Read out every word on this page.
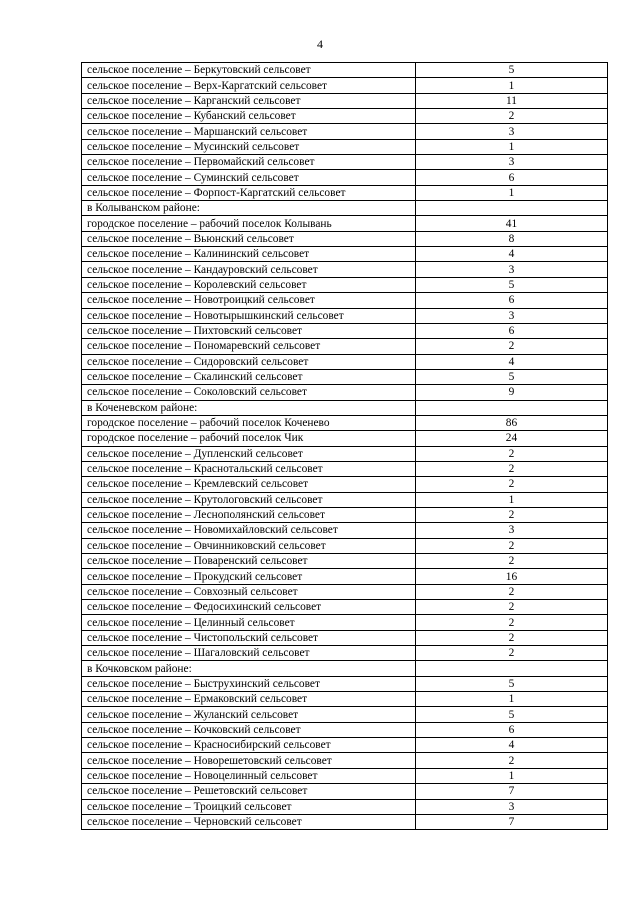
4
сельское поселение – Беркутовский сельсовет	5
сельское поселение – Верх-Каргатский сельсовет	1
сельское поселение – Карганский сельсовет	11
сельское поселение – Кубанский сельсовет	2
сельское поселение – Маршанский сельсовет	3
сельское поселение – Мусинский сельсовет	1
сельское поселение – Первомайский сельсовет	3
сельское поселение – Суминский сельсовет	6
сельское поселение – Форпост-Каргатский сельсовет	1
в Колыванском районе:	
городское поселение – рабочий поселок Колывань	41
сельское поселение – Вьюнский сельсовет	8
сельское поселение – Калининский сельсовет	4
сельское поселение – Кандауровский сельсовет	3
сельское поселение – Королевский сельсовет	5
сельское поселение – Новотроицкий сельсовет	6
сельское поселение – Новотырышкинский сельсовет	3
сельское поселение – Пихтовский сельсовет	6
сельское поселение – Пономаревский сельсовет	2
сельское поселение – Сидоровский сельсовет	4
сельское поселение – Скалинский сельсовет	5
сельское поселение – Соколовский сельсовет	9
в Коченевском районе:	
городское поселение – рабочий поселок Коченево	86
городское поселение – рабочий поселок Чик	24
сельское поселение – Дупленский сельсовет	2
сельское поселение – Краснотальский сельсовет	2
сельское поселение – Кремлевский сельсовет	2
сельское поселение – Крутологовский сельсовет	1
сельское поселение – Леснополянский сельсовет	2
сельское поселение – Новомихайловский сельсовет	3
сельское поселение – Овчинниковский сельсовет	2
сельское поселение – Поваренский сельсовет	2
сельское поселение – Прокудский сельсовет	16
сельское поселение – Совхозный сельсовет	2
сельское поселение – Федосихинский сельсовет	2
сельское поселение – Целинный сельсовет	2
сельское поселение – Чистопольский сельсовет	2
сельское поселение – Шагаловский сельсовет	2
в Кочковском районе:	
сельское поселение – Быструхинский сельсовет	5
сельское поселение – Ермаковский сельсовет	1
сельское поселение – Жуланский сельсовет	5
сельское поселение – Кочковский сельсовет	6
сельское поселение – Красносибирский сельсовет	4
сельское поселение – Новорешетовский сельсовет	2
сельское поселение – Новоцелинный сельсовет	1
сельское поселение – Решетовский сельсовет	7
сельское поселение – Троицкий сельсовет	3
сельское поселение – Черновский сельсовет	7
